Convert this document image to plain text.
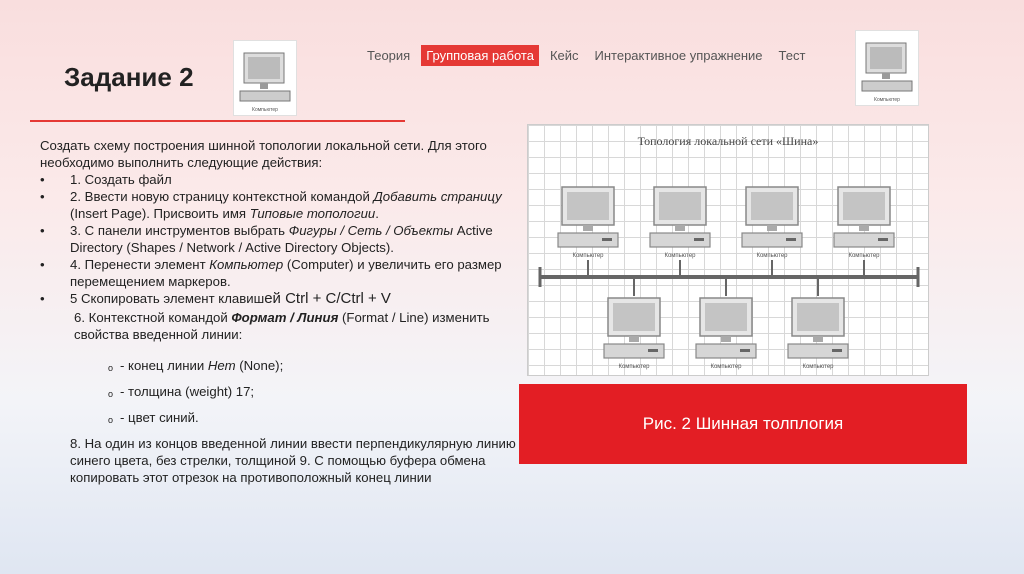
Задание 2
Компьютер
Теория	Групповая работа	Кейс	Интерактивное упражнение	Тест
Компьютер

Создать схему построения шинной топологии локальной сети. Для этого необходимо выполнить следующие действия:

• 1. Создать файл

• 2. Ввести новую страницу контекстной командой Добавить страницу (Insert Page). Присвоить имя Типовые топологии.

• 3. С панели инструментов выбрать Фигуры / Сеть / Объекты Active Directory (Shapes / Network / Active Directory Objects).

• 4. Перенести элемент Компьютер (Computer) и увеличить его размер перемещением маркеров.

• 5 Скопировать элемент клавишей Ctrl + C/Ctrl + V

6. Контекстной командой Формат / Линия (Format / Line) изменить свойства введенной линии:

o - конец линии Нет (None);

o - толщина (weight) 17;

o - цвет синий.

8. На один из концов введенной линии ввести перпендикулярную линию синего цвета, без стрелки, толщиной 9. С помощью буфера обмена копировать этот отрезок на противоположный конец линии

Топология локальной сети «Шина»
Компьютер	Компьютер	Компьютер	Компьютер
Компьютер	Компьютер	Компьютер
Рис. 2 Шинная толплогия
